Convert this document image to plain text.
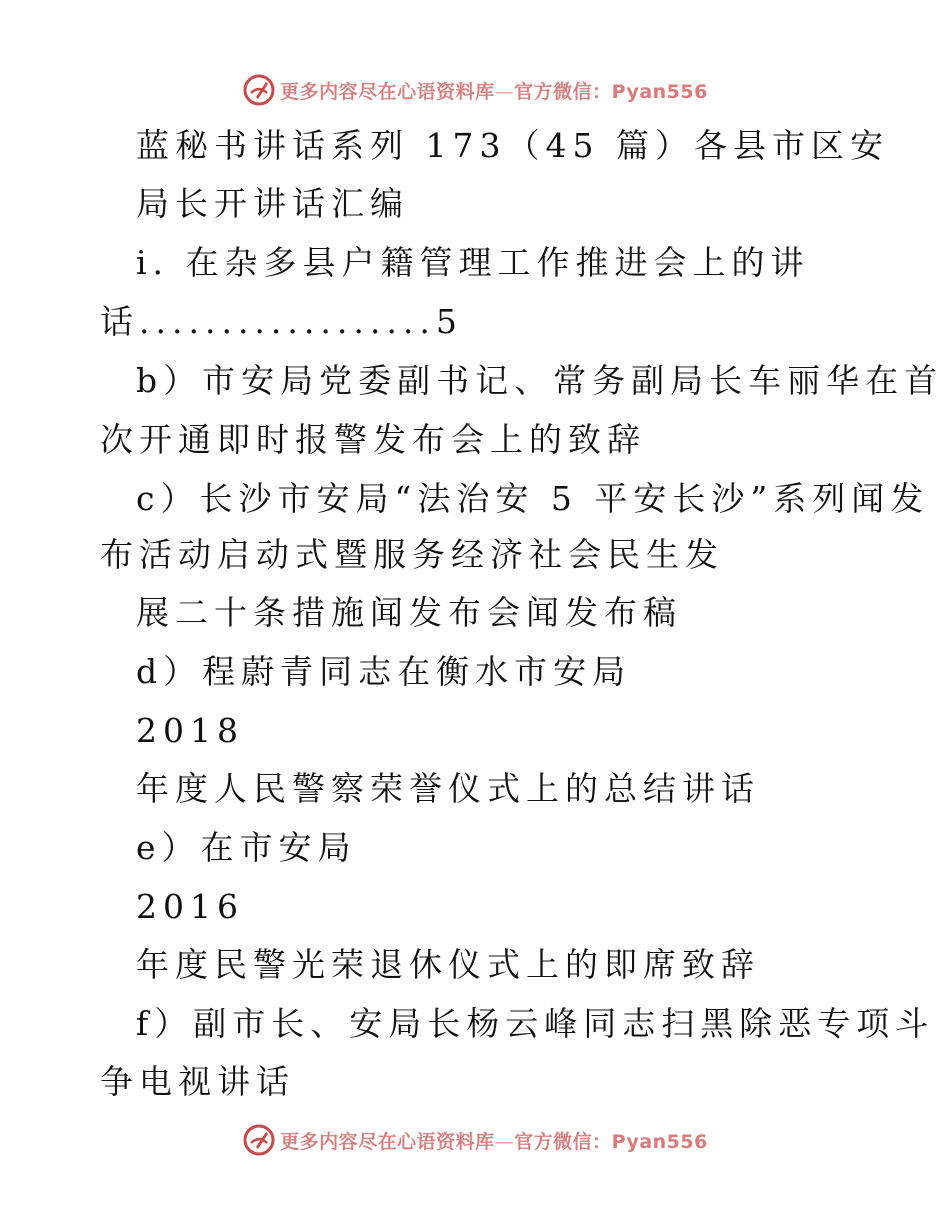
更多内容尽在心语资料库—官方微信：Pyan556
蓝秘书讲话系列 173（45 篇）各县市区安
局长开讲话汇编
i. 在杂多县户籍管理工作推进会上的讲
话..................5
b）市安局党委副书记、常务副局长车丽华在首
次开通即时报警发布会上的致辞
c）长沙市安局“法治安 5 平安长沙”系列闻发
布活动启动式暨服务经济社会民生发
展二十条措施闻发布会闻发布稿
d）程蔚青同志在衡水市安局
2018
年度人民警察荣誉仪式上的总结讲话
e）在市安局
2016
年度民警光荣退休仪式上的即席致辞
f）副市长、安局长杨云峰同志扫黑除恶专项斗
争电视讲话
更多内容尽在心语资料库—官方微信：Pyan556
